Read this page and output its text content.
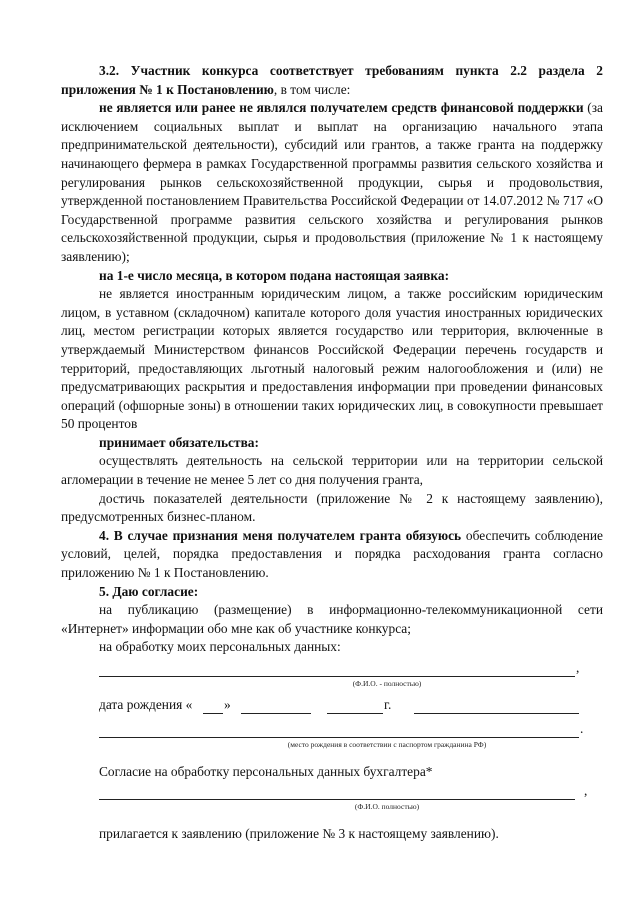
3.2. Участник конкурса соответствует требованиям пункта 2.2 раздела 2 приложения № 1 к Постановлению, в том числе:

не является или ранее не являлся получателем средств финансовой поддержки (за исключением социальных выплат и выплат на организацию начального этапа предпринимательской деятельности), субсидий или грантов, а также гранта на поддержку начинающего фермера в рамках Государственной программы развития сельского хозяйства и регулирования рынков сельскохозяйственной продукции, сырья и продовольствия, утвержденной постановлением Правительства Российской Федерации от 14.07.2012 № 717 «О Государственной программе развития сельского хозяйства и регулирования рынков сельскохозяйственной продукции, сырья и продовольствия (приложение № 1 к настоящему заявлению);

на 1-е число месяца, в котором подана настоящая заявка:

не является иностранным юридическим лицом, а также российским юридическим лицом, в уставном (складочном) капитале которого доля участия иностранных юридических лиц, местом регистрации которых является государство или территория, включенные в утверждаемый Министерством финансов Российской Федерации перечень государств и территорий, предоставляющих льготный налоговый режим налогообложения и (или) не предусматривающих раскрытия и предоставления информации при проведении финансовых операций (офшорные зоны) в отношении таких юридических лиц, в совокупности превышает 50 процентов

принимает обязательства:

осуществлять деятельность на сельской территории или на территории сельской агломерации в течение не менее 5 лет со дня получения гранта,

достичь показателей деятельности (приложение № 2 к настоящему заявлению), предусмотренных бизнес-планом.

4. В случае признания меня получателем гранта обязуюсь обеспечить соблюдение условий, целей, порядка предоставления и порядка расходования гранта согласно приложению № 1 к Постановлению.

5. Даю согласие:

на публикацию (размещение) в информационно-телекоммуникационной сети «Интернет» информации обо мне как об участнике конкурса;

на обработку моих персональных данных:

,
(Ф.И.О. - полностью)
дата рождения « »	г.
.
(место рождения в соответствии с паспортом гражданина РФ)

Согласие на обработку персональных данных бухгалтера*

,
(Ф.И.О. полностью)

прилагается к заявлению (приложение № 3 к настоящему заявлению).
